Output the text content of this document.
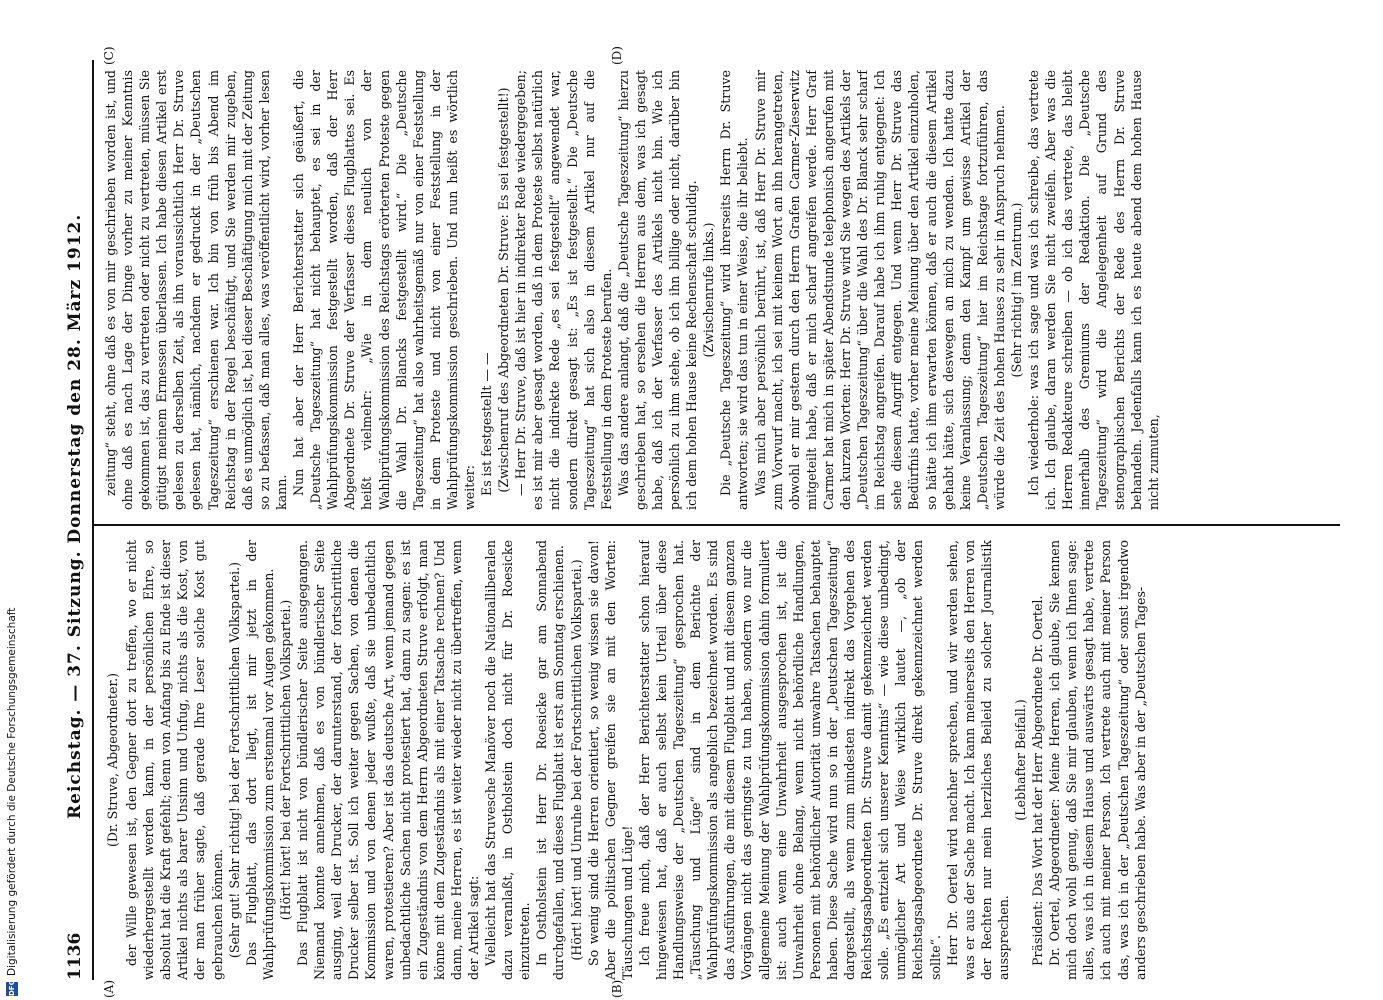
1136
Reichstag. — 37. Sitzung. Donnerstag den 28. März 1912. (Dr. Struve, Abgeordneter.) der Wille gewesen ist, den Gegner dort zu treffen, wo er nicht wiederhergestellt werden kann, in der persönlichen Ehre, so absolut hat die Kraft gefehlt; denn von Anfang bis zu Ende ist dieser Artikel nichts als barer Unsinn und Unfug, nichts als die Kost, von der man früher sagte, daß gerade Ihre Leser solche Kost gut gebrauchen können. (Sehr gut! Sehr richtig! bei der Fortschrittlichen Volkspartei.) Das Flugblatt, das dort liegt, ist mir jetzt in der Wahlprüfungskommission zum erstenmal vor Augen gekommen. (Hört! hört! bei der Fortschrittlichen Volkspartei.) Das Flugblatt ist nicht von bündlerischer Seite ausgegangen. Niemand konnte annehmen, daß es von bündlerischer Seite ausging, weil der Drucker, der darunterstand, der fortschrittliche Drucker selber ist. Soll ich weiter gegen Sachen, von denen die Kommission und von denen jeder wußte, daß sie unbedachtlich waren, protestieren? Aber ist das deutsche Art, wenn jemand gegen unbedachtliche Sachen nicht protestiert hat, dann zu sagen: es ist ein Zugeständnis von dem Herrn Abgeordneten Struve erfolgt, man könne mit dem Zugeständnis als mit einer Tatsache rechnen? Und dann, meine Herren, es ist weiter wieder nicht zu übertreffen, wenn der Artikel sagt: Vielleicht hat das Struvesche Manöver noch die Nationalliberalen dazu veranlaßt, in Ostholstein doch nicht für Dr. Roesicke einzutreten. In Ostholstein ist Herr Dr. Roesicke gar am Sonnabend durchgefallen, und dieses Flugblatt ist erst am Sonntag erschienen. (Hört! hört! und Unruhe bei der Fortschrittlichen Volkspartei.) So wenig sind die Herren orientiert, so wenig wissen sie davon! Aber die politischen Gegner greifen sie an mit den Worten: Täuschungen und Lüge! Ich freue mich, daß der Herr Berichterstatter schon hierauf hingewiesen hat, daß er auch selbst kein Urteil über diese Handlungsweise der „Deutschen Tageszeitung“ gesprochen hat. „Täuschung und Lüge“ sind in dem Berichte der Wahlprüfungskommission als angeblich bezeichnet worden. Es sind das Ausführungen, die mit diesem Flugblatt und mit diesem ganzen Vorgängen nicht das geringste zu tun haben, sondern wo nur die allgemeine Meinung der Wahlprüfungskommission dahin formuliert ist: auch wenn eine Unwahrheit ausgesprochen ist, ist die Unwahrheit ohne Belang, wenn nicht behördliche Handlungen, Personen mit behördlicher Autorität unwahre Tatsachen behauptet haben. Diese Sache wird nun so in der „Deutschen Tageszeitung“ dargestellt, als wenn zum mindesten indirekt das Vorgehen des Reichstagsabgeordneten Dr. Struve damit gekennzeichnet werden solle. „Es entzieht sich unserer Kenntnis“ — wie diese unbedingt, unmöglicher Art und Weise wirklich lautet —, „ob der Reichstagsabgeordnete Dr. Struve direkt gekennzeichnet werden sollte“. Herr Dr. Oertel wird nachher sprechen, und wir werden sehen, was er aus der Sache macht. Ich kann meinerseits den Herren von der Rechten nur mein herzliches Beileid zu solcher Journalistik aussprechen.

(Lebhafter Beifall.) Präsident: Das Wort hat der Herr Abgeordnete Dr. Oertel. Dr. Oertel, Abgeordneter: Meine Herren, ich glaube, Sie kennen mich doch wohl genug, daß Sie mir glauben, wenn ich Ihnen sage: alles, was ich in diesem Hause und auswärts gesagt habe, vertrete ich auch mit meiner Person. Ich vertrete auch mit meiner Person das, was ich in der „Deutschen Tageszeitung“ oder sonst irgendwo anders geschrieben habe. Was aber in der „Deutschen Tages-

zeitung“ steht, ohne daß es von mir geschrieben worden ist, und ohne daß es nach Lage der Dinge vorher zu meiner Kenntnis gekommen ist, das zu vertreten oder nicht zu vertreten, müssen Sie gütigst meinem Ermessen überlassen. Ich habe diesen Artikel erst gelesen zu derselben Zeit, als ihn voraussichtlich Herr Dr. Struve gelesen hat, nämlich, nachdem er gedruckt in der „Deutschen Tageszeitung“ erschienen war. Ich bin von früh bis Abend im Reichstag in der Regel beschäftigt, und Sie werden mir zugeben, daß es unmöglich ist, bei dieser Beschäftigung mich mit der Zeitung so zu befassen, daß man alles, was veröffentlicht wird, vorher lesen kann. Nun hat aber der Herr Berichterstatter sich geäußert, die „Deutsche Tageszeitung“ hat nicht behauptet, es sei in der Wahlprüfungskommission festgestellt worden, daß der Herr Abgeordnete Dr. Struve der Verfasser dieses Flugblattes sei. Es heißt vielmehr: „Wie in dem neulich von der Wahlprüfungskommission des Reichstags erörterten Proteste gegen die Wahl Dr. Blancks festgestellt wird.“ Die „Deutsche Tageszeitung“ hat also wahrheitsgemäß nur von einer Feststellung in dem Proteste und nicht von einer Feststellung in der Wahlprüfungskommission geschrieben. Und nun heißt es wörtlich weiter: Es ist festgestellt — — (Zwischenruf des Abgeordneten Dr. Struve: Es sei festgestellt!) — Herr Dr. Struve, daß ist hier in indirekter Rede wiedergegeben; es ist mir aber gesagt worden, daß in dem Proteste selbst natürlich nicht die indirekte Rede „es sei festgestellt“ angewendet war, sondern direkt gesagt ist: „Es ist festgestellt.“ Die „Deutsche Tageszeitung“ hat sich also in diesem Artikel nur auf die Feststellung in dem Proteste berufen. Was das andere anlangt, daß die „Deutsche Tageszeitung“ hierzu geschrieben hat, so ersehen die Herren aus dem, was ich gesagt habe, daß ich der Verfasser des Artikels nicht bin. Wie ich persönlich zu ihm stehe, ob ich ihn billige oder nicht, darüber bin ich dem hohen Hause keine Rechenschaft schuldig. (Zwischenrufe links.) Die „Deutsche Tageszeitung“ wird ihrerseits Herrn Dr. Struve antworten; sie wird das tun in einer Weise, die ihr beliebt. Was mich aber persönlich berührt, ist, daß Herr Dr. Struve mir zum Vorwurf macht, ich sei mit keinem Wort an ihn herangetreten, obwohl er mir gestern durch den Herrn Grafen Carmer-Zieserwitz mitgeteilt habe, daß er mich scharf angreifen werde. Herr Graf Carmer hat mich in später Abendstunde telephonisch angerufen mit den kurzen Worten: Herr Dr. Struve wird Sie wegen des Artikels der „Deutschen Tageszeitung“ über die Wahl des Dr. Blanck sehr scharf im Reichstag angreifen. Darauf habe ich ihm ruhig entgegnet: Ich sehe diesem Angriff entgegen. Und wenn Herr Dr. Struve das Bedürfnis hatte, vorher meine Meinung über den Artikel einzuholen, so hätte ich ihm erwarten können, daß er auch die diesem Artikel gehabt hätte, sich deswegen an mich zu wenden. Ich hatte dazu keine Veranlassung; denn den Kampf um gewisse Artikel der „Deutschen Tageszeitung“ hier im Reichstage fortzuführen, das würde die Zeit des hohen Hauses zu sehr in Anspruch nehmen. (Sehr richtig! im Zentrum.) Ich wiederhole: was ich sage und was ich schreibe, das vertrete ich. Ich glaube, daran werden Sie nicht zweifeln. Aber was die Herren Redakteure schreiben — ob ich das vertrete, das bleibt innerhalb des Gremiums der Redaktion. Die „Deutsche Tageszeitung“ wird die Angelegenheit auf Grund des stenographischen Berichts der Rede des Herrn Dr. Struve behandeln. Jedenfalls kann ich es heute abend dem hohen Hause nicht zumuten,

(A)	(B)
(C)	(D)
DFG
Digitalisierung gefördert durch die Deutsche Forschungsgemeinschaft
